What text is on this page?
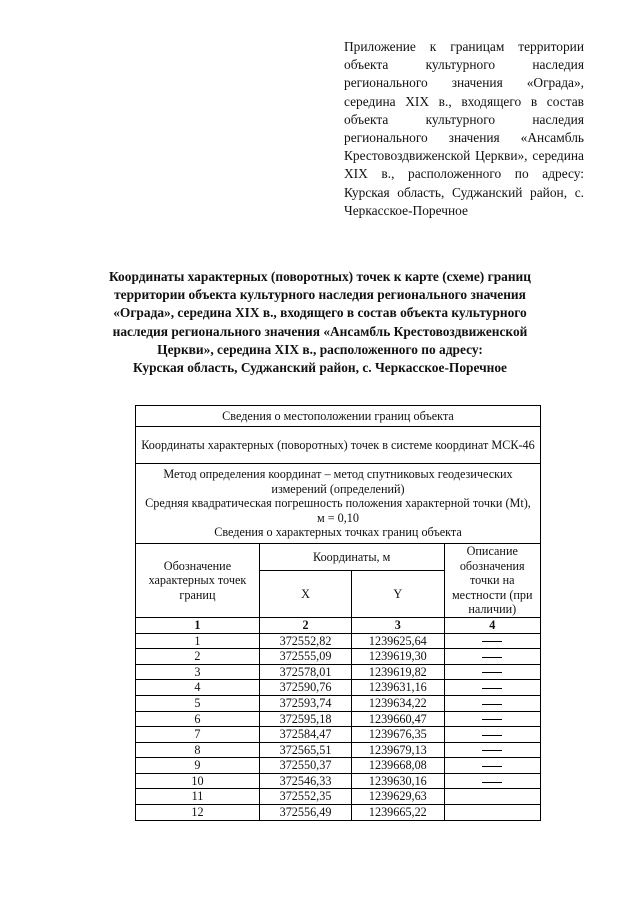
Приложение к границам территории объекта культурного наследия регионального значения «Ограда», середина XIX в., входящего в состав объекта культурного наследия регионального значения «Ансамбль Крестовоздвиженской Церкви», середина XIX в., расположенного по адресу: Курская область, Суджанский район, с. Черкасское-Поречное
Координаты характерных (поворотных) точек к карте (схеме) границ
территории объекта культурного наследия регионального значения
«Ограда», середина XIX в., входящего в состав объекта культурного
наследия регионального значения «Ансамбль Крестовоздвиженской
Церкви», середина XIX в., расположенного по адресу:
Курская область, Суджанский район, с. Черкасское-Поречное
Сведения о местоположении границ объекта			
Координаты характерных (поворотных) точек в системе координат МСК-46			

Метод определения координат – метод спутниковых геодезических измерений (определений)
Средняя квадратическая погрешность положения характерной точки (Mt), м = 0,10
Сведения о характерных точках границ объекта			

Обозначение характерных точек границ	Координаты, м		Описание обозначения точки на местности (при наличии)
	X	Y	
1	2	3	4
1	372552,82	1239625,64	
2	372555,09	1239619,30	
3	372578,01	1239619,82	
4	372590,76	1239631,16	
5	372593,74	1239634,22	
6	372595,18	1239660,47	
7	372584,47	1239676,35	
8	372565,51	1239679,13	
9	372550,37	1239668,08	
10	372546,33	1239630,16	
11	372552,35	1239629,63	
12	372556,49	1239665,22	
